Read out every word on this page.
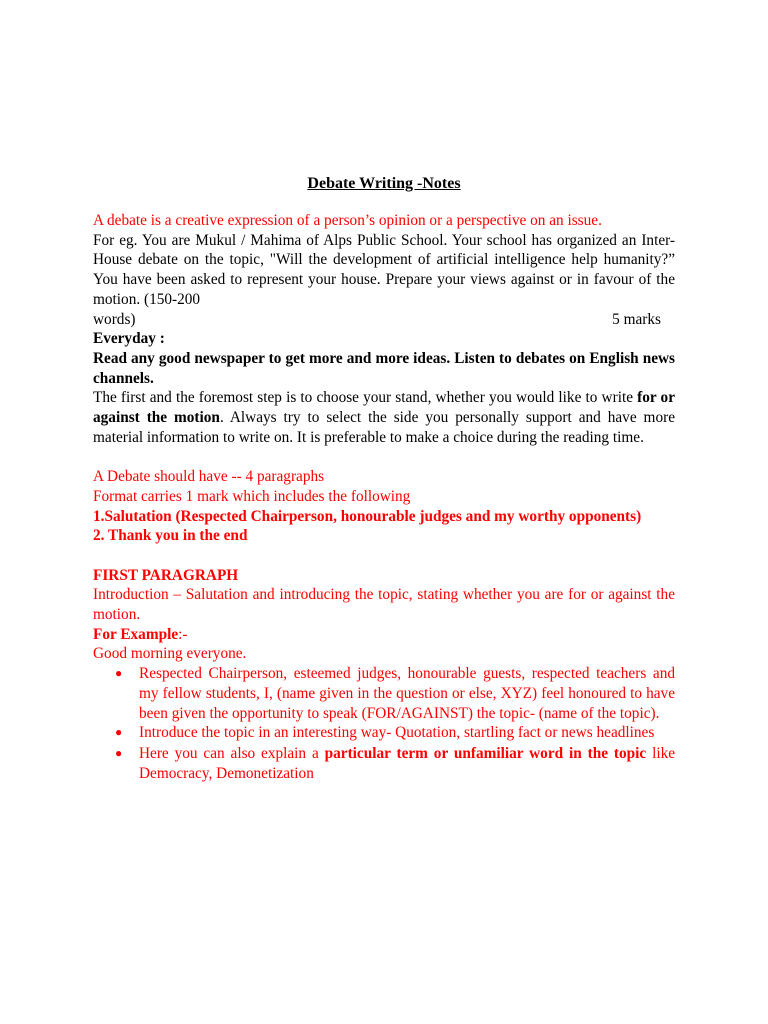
Debate Writing -Notes

A debate is a creative expression of a person’s opinion or a perspective on an issue.

For eg. You are Mukul / Mahima of Alps Public School. Your school has organized an Inter-House debate on the topic, "Will the development of artificial intelligence help humanity?” You have been asked to represent your house. Prepare your views against or in favour of the motion. (150-200

words)	5 marks

Everyday :

Read any good newspaper to get more and more ideas. Listen to debates on English news channels.

The first and the foremost step is to choose your stand, whether you would like to write for or against the motion. Always try to select the side you personally support and have more material information to write on. It is preferable to make a choice during the reading time.

A Debate should have -- 4 paragraphs

Format carries 1 mark which includes the following

1.Salutation (Respected Chairperson, honourable judges and my worthy opponents)

2. Thank you in the end

FIRST PARAGRAPH

Introduction – Salutation and introducing the topic, stating whether you are for or against the motion.

For Example:-

Good morning everyone.

● Respected Chairperson, esteemed judges, honourable guests, respected teachers and my fellow students, I, (name given in the question or else, XYZ) feel honoured to have been given the opportunity to speak (FOR/AGAINST) the topic- (name of the topic).
● Introduce the topic in an interesting way- Quotation, startling fact or news headlines
● Here you can also explain a particular term or unfamiliar word in the topic like Democracy, Demonetization
